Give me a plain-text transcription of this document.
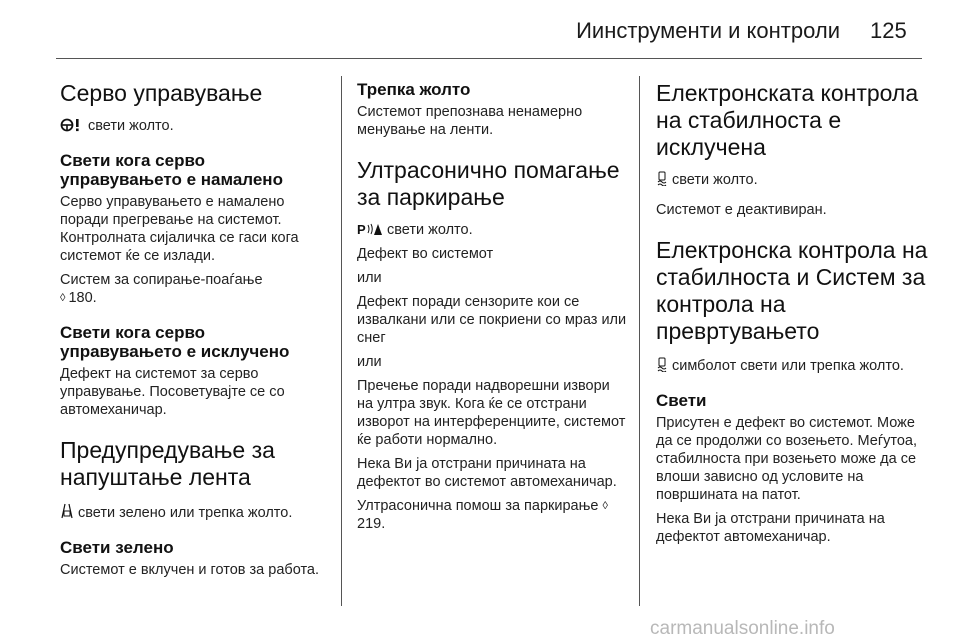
Иинструменти и контроли 125

Серво управување

свети жолто.

Свети кога серво управувањето е намалено

Серво управувањето е намалено поради прегревање на системот. Контролната сијаличка се гаси кога системот ќе се излади.

Систем за сопирање-поаѓање

◊ 180.

Свети кога серво управувањето е исклучено

Дефект на системот за серво управување. Посоветувајте се со автомеханичар.

Предупредување за напуштање лента

свети зелено или трепка жолто.

Свети зелено

Системот е вклучен и готов за работа.

Трепка жолто

Системот препознава ненамерно менување на ленти.

Ултрасонично помагање за паркирање

P свети жолто.

Дефект во системот

или

Дефект поради сензорите кои се извалкани или се покриени со мраз или снег

или

Пречење поради надворешни извори на ултра звук. Кога ќе се отстрани изворот на интерференциите, системот ќе работи нормално.

Нека Ви ја отстрани причината на дефектот во системот автомеханичар.

Ултрасонична помош за паркирање ◊219.

Електронската контрола на стабилноста е исклучена

свети жолто.

Системот е деактивиран.

Електронска контрола на стабилноста и Систем за контрола на превртувањето

симболот свети или трепка жолто.

Свети

Присутен е дефект во системот. Може да се продолжи со возењето. Меѓутоа, стабилноста при возењето може да се влоши зависно од условите на површината на патот.

Нека Ви ја отстрани причината на дефектот автомеханичар.

carmanualsonline.info
